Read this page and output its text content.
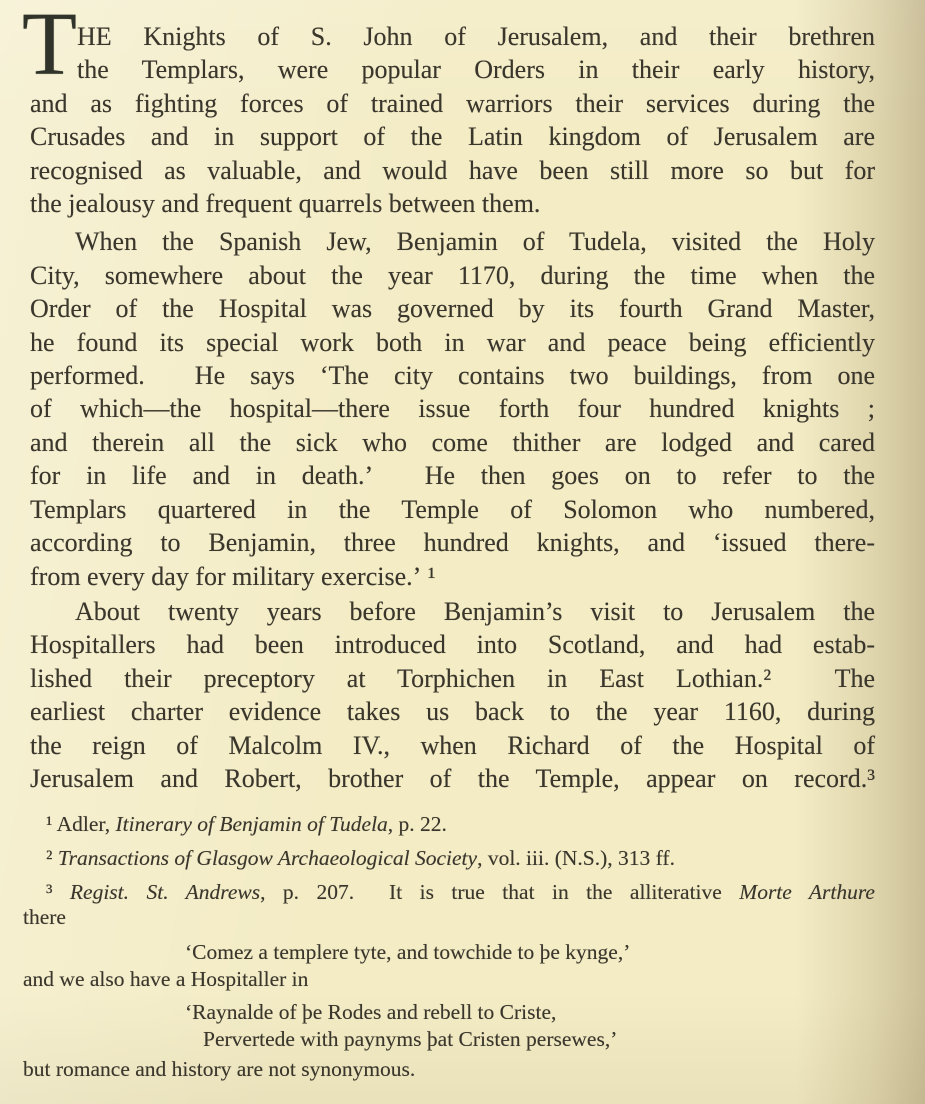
T HE Knights of S. John of Jerusalem, and their brethren
the Templars, were popular Orders in their early history,
and as fighting forces of trained warriors their services during the
Crusades and in support of the Latin kingdom of Jerusalem are
recognised as valuable, and would have been still more so but for
the jealousy and frequent quarrels between them.
When the Spanish Jew, Benjamin of Tudela, visited the Holy
City, somewhere about the year 1170, during the time when the
Order of the Hospital was governed by its fourth Grand Master,
he found its special work both in war and peace being efficiently
performed.  He says ‘The city contains two buildings, from one
of which—the hospital—there issue forth four hundred knights ;
and therein all the sick who come thither are lodged and cared
for in life and in death.’  He then goes on to refer to the
Templars quartered in the Temple of Solomon who numbered,
according to Benjamin, three hundred knights, and ‘issued there-
from every day for military exercise.’ ¹
About twenty years before Benjamin’s visit to Jerusalem the
Hospitallers had been introduced into Scotland, and had estab-
lished their preceptory at Torphichen in East Lothian.²  The
earliest charter evidence takes us back to the year 1160, during
the reign of Malcolm IV., when Richard of the Hospital of
Jerusalem and Robert, brother of the Temple, appear on record.³
¹ Adler, Itinerary of Benjamin of Tudela, p. 22.
² Transactions of Glasgow Archaeological Society, vol. iii. (N.S.), 313 ff.
³ Regist. St. Andrews, p. 207.  It is true that in the alliterative Morte Arthure
there
‘Comez a templere tyte, and towchide to þe kynge,’
and we also have a Hospitaller in
‘Raynalde of þe Rodes and rebell to Criste,
Pervertede with paynyms þat Cristen persewes,’
but romance and history are not synonymous.
